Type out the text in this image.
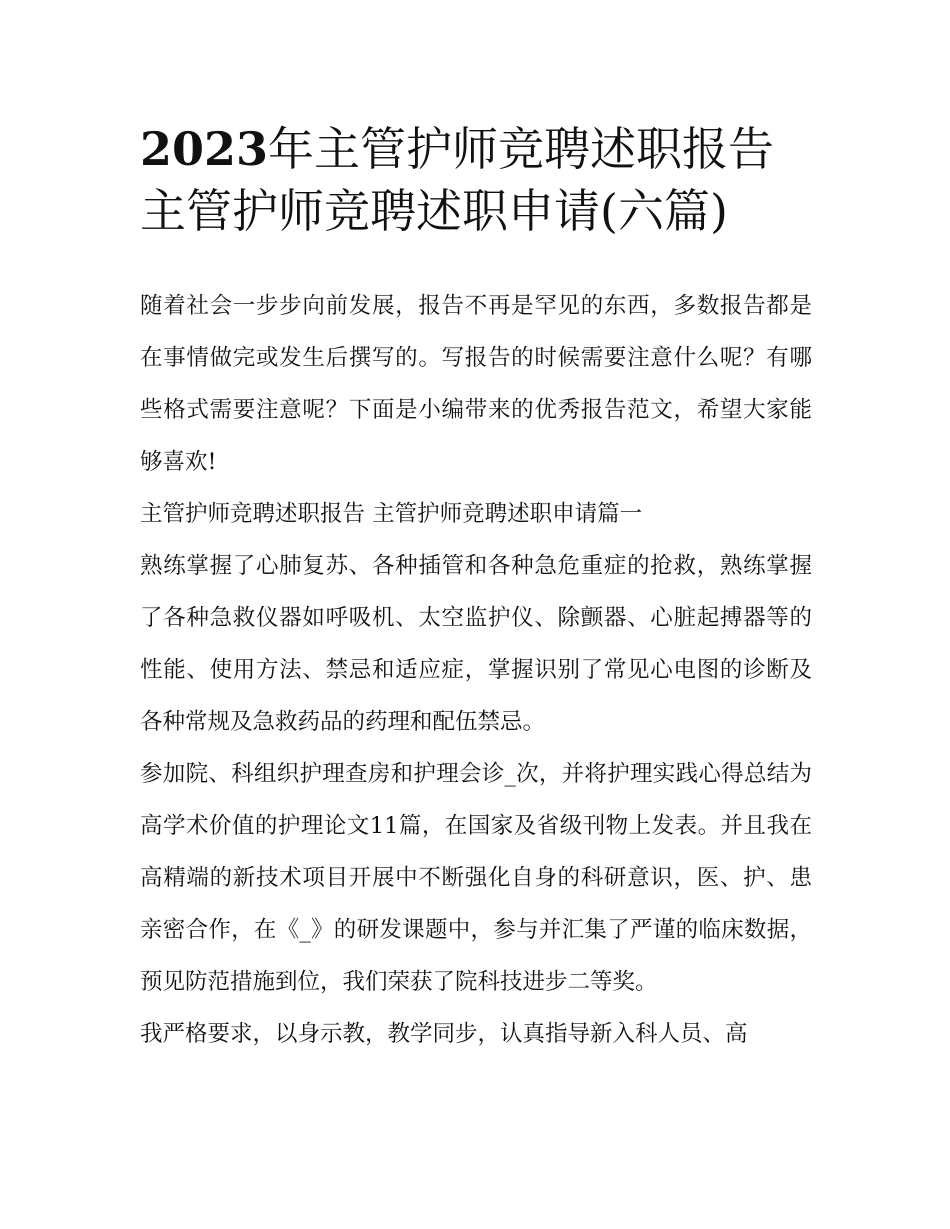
2023年主管护师竞聘述职报告
主管护师竞聘述职申请(六篇)

随着社会一步步向前发展，报告不再是罕见的东西，多数报告都是在事情做完或发生后撰写的。写报告的时候需要注意什么呢？有哪些格式需要注意呢？下面是小编带来的优秀报告范文，希望大家能够喜欢!

主管护师竞聘述职报告 主管护师竞聘述职申请篇一

熟练掌握了心肺复苏、各种插管和各种急危重症的抢救，熟练掌握了各种急救仪器如呼吸机、太空监护仪、除颤器、心脏起搏器等的性能、使用方法、禁忌和适应症，掌握识别了常见心电图的诊断及各种常规及急救药品的药理和配伍禁忌。

参加院、科组织护理查房和护理会诊_次，并将护理实践心得总结为高学术价值的护理论文11篇，在国家及省级刊物上发表。并且我在高精端的新技术项目开展中不断强化自身的科研意识，医、护、患亲密合作，在《_》的研发课题中，参与并汇集了严谨的临床数据，预见防范措施到位，我们荣获了院科技进步二等奖。

我严格要求，以身示教，教学同步，认真指导新入科人员、高
